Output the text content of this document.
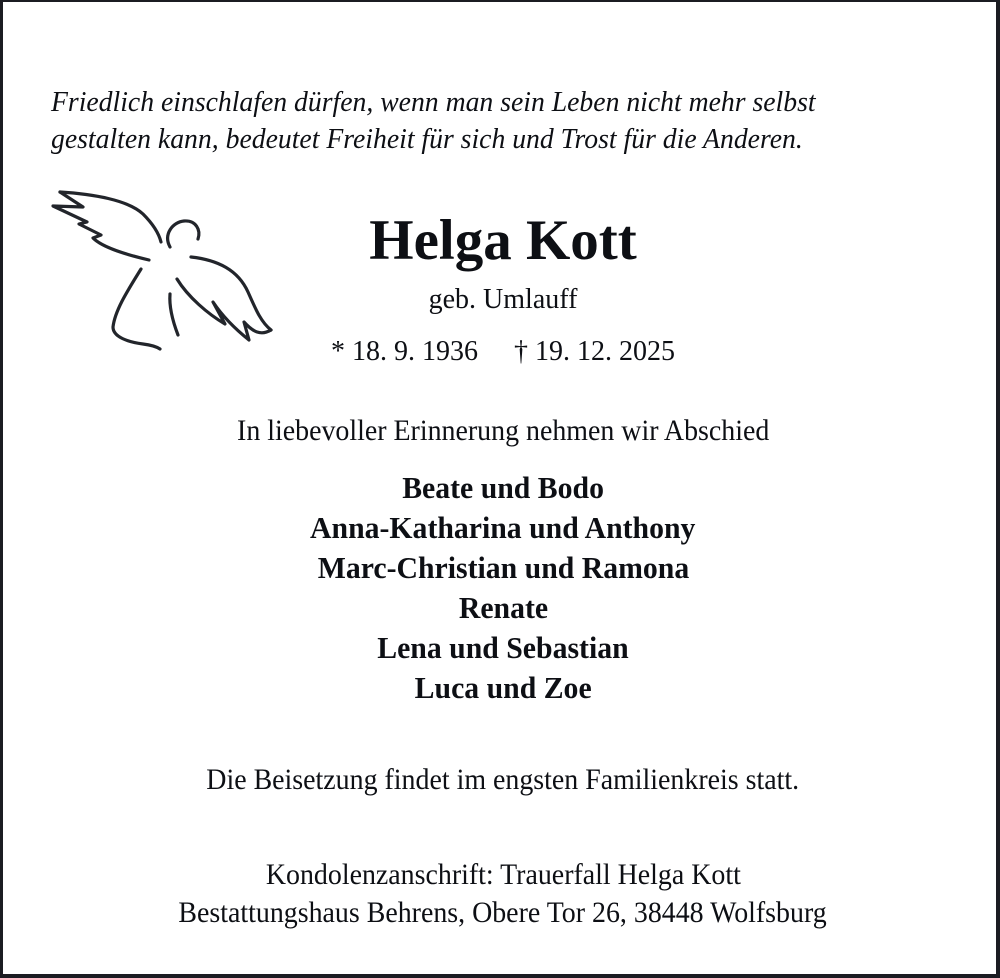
Friedlich einschlafen dürfen, wenn man sein Leben nicht mehr selbst
gestalten kann, bedeutet Freiheit für sich und Trost für die Anderen.
Helga Kott
geb. Umlauff
* 18. 9. 1936 † 19. 12. 2025
In liebevoller Erinnerung nehmen wir Abschied
Beate und Bodo
Anna-Katharina und Anthony
Marc-Christian und Ramona
Renate
Lena und Sebastian
Luca und Zoe
Die Beisetzung findet im engsten Familienkreis statt.
Kondolenzanschrift: Trauerfall Helga Kott
Bestattungshaus Behrens, Obere Tor 26, 38448 Wolfsburg
